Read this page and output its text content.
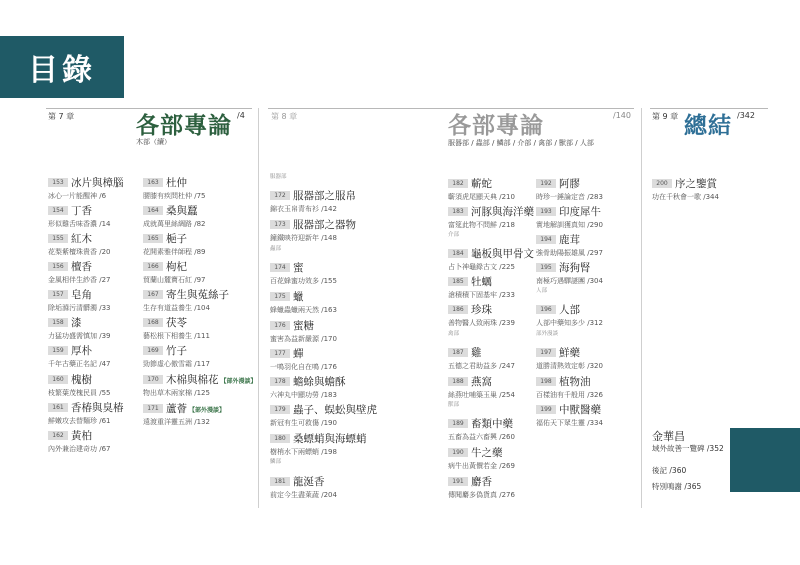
目錄
第 7 章	各部專論 /4
木部（續）
第 8 章	各部專論	/140
服器部 / 蟲部 / 鱗部 / 介部 / 禽部 / 獸部 / 人部
第 9 章 總結 /342
153 冰片與樟腦
冰心一片能醒神 /6
154 丁香
形似雞舌味香濃 /14
155 紅木
花梨紫檀珠貴香 /20
156 檀香
金風相伴生紗香 /27
157 皂角
除垢滌污清髒濁 /33
158 漆
力猛功盛需慎加 /39
159 厚朴
千年古藥正名記 /47
160 槐樹
枝繁葉茂槐民員 /55
161 香椿與臭椿
鮮嫩攻去替麵珍 /61
162 黃柏
內外兼治建奇功 /67
163 杜仲
腰膝有疾問杜仲 /75
164 桑與蠶
成就萬里絲綢路 /82
165 梔子
花開素雅伴師程 /89
166 枸杞
貿蘭山麓寶石紅 /97
167 寄生與菟絲子
生存有道益養生 /104
168 茯苓
藝松根下相養生 /111
169 竹子
勁節虛心傲雪霜 /117
170 木棉與棉花 【部外漫談】
物出草木兩家棉 /125
171 蘆薈 【部外漫談】
遠渡重洋靈五洲 /132
服器部
172 服器部之服帛
錦衣玉帛青布衫 /142
173 服器部之器物
鐘鐵映符迎新年 /148
蟲部
174 蜜
百花蜂蜜功效多 /155
175 蠟
蜂蠟蟲蠟兩天然 /163
176 蜜糖
蜜害為益新嚴源 /170
177 蟬
一鳴羽化自在鳴 /176
178 蟾蜍與蟾酥
六神丸中顯功勞 /183
179 蟲子、蜈蚣與壁虎
新冠有生可救傷 /190
180 桑螵蛸與海螵蛸
樹梢水下兩螵蛸 /198
鱗部
181 龍涎香
前定今生盡萊蔬 /204
182 蘄蛇
蘄須虎尾顯天典 /210
183 河豚與海洋藥
富筵此物不問鮮 /218
介部
184 龜板與甲骨文
占卜神龜錄古文 /225
185 牡蠣
滄積積下固基牢 /233
186 珍珠
善物醫人致兩珠 /239
禽部
187 雞
五德之君助益多 /247
188 燕窩
絲燕吐哺築玉巢 /254
獸部
189 畜類中藥
五畜為益六畜興 /260
190 牛之藥
病牛出黃價若金 /269
191 麝香
傳聞麝多偽貨真 /276
192 阿膠
時珍一錘論定音 /283
193 印度犀牛
實地解訓獲真知 /290
194 鹿茸
強骨助陽振雄風 /297
195 海狗腎
南極巧遇驛謎團 /304
人部
196 人部
人部中藥知多少 /312
部外漫談
197 鮮藥
道勝清熱效定彰 /320
198 植物油
百樣油有千般用 /326
199 中獸醫藥
福佑天下眾生靈 /334
200 序之鑒賞
功在千秋會一歌 /344
金華昌
域外故善一覽碑 /352
後記 /360
特別鳴謝 /365
